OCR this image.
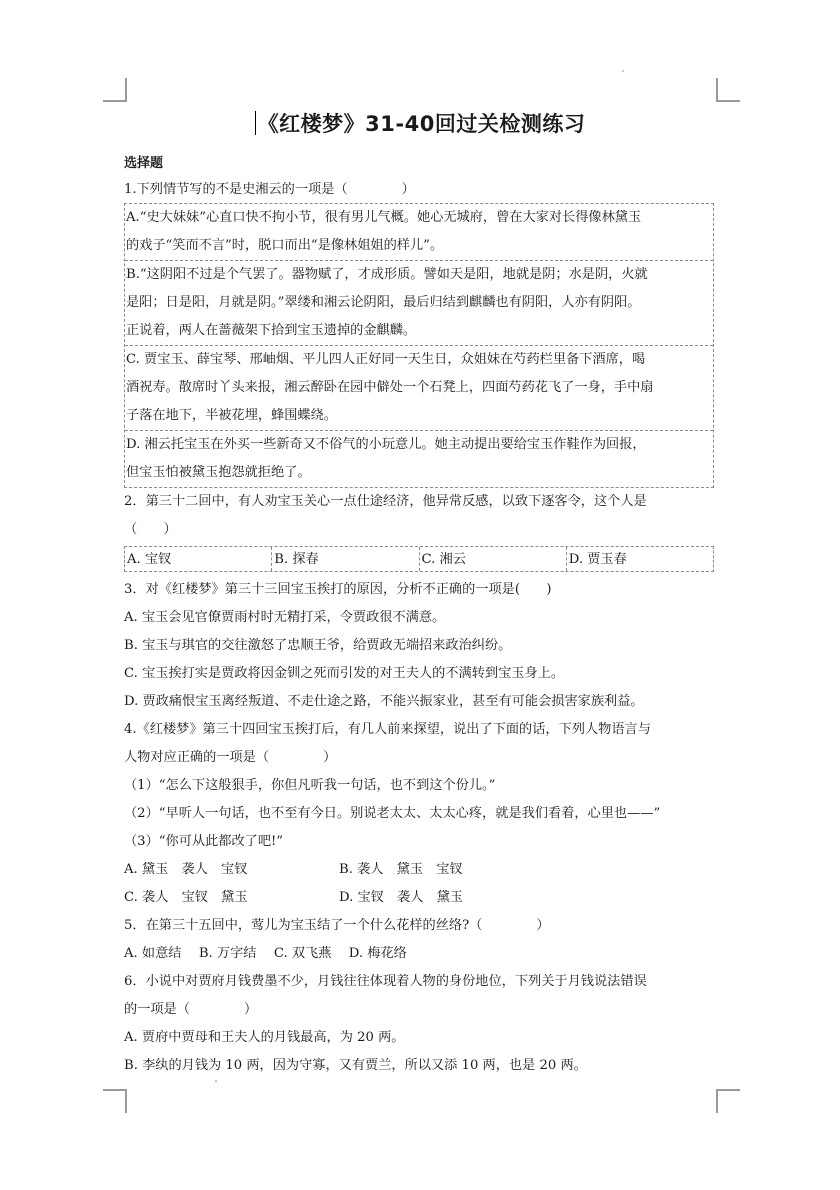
《红楼梦》31-40回过关检测练习
选择题
1.下列情节写的不是史湘云的一项是（	）
A.“史大妹妹”心直口快不拘小节，很有男儿气概。她心无城府，曾在大家对长得像林黛玉
的戏子“笑而不言”时，脱口而出“是像林姐姐的样儿”。
B.“这阴阳不过是个气罢了。器物赋了，才成形质。譬如天是阳，地就是阴；水是阴，火就
是阳；日是阳，月就是阴。”翠缕和湘云论阴阳，最后归结到麒麟也有阴阳，人亦有阴阳。
正说着，两人在蔷薇架下拾到宝玉遗掉的金麒麟。
C. 贾宝玉、薛宝琴、邢岫烟、平儿四人正好同一天生日，众姐妹在芍药栏里备下酒席，喝
酒祝寿。散席时丫头来报，湘云醉卧在园中僻处一个石凳上，四面芍药花飞了一身，手中扇
子落在地下，半被花埋，蜂围蝶绕。
D. 湘云托宝玉在外买一些新奇又不俗气的小玩意儿。她主动提出要给宝玉作鞋作为回报，
但宝玉怕被黛玉抱怨就拒绝了。
2．第三十二回中，有人劝宝玉关心一点仕途经济，他异常反感，以致下逐客令，这个人是
（　　）
A. 宝钗	B. 探春	C. 湘云	D. 贾玉春
3．对《红楼梦》第三十三回宝玉挨打的原因，分析不正确的一项是(　　)
A. 宝玉会见官僚贾雨村时无精打采，令贾政很不满意。
B. 宝玉与琪官的交往激怒了忠顺王爷，给贾政无端招来政治纠纷。
C. 宝玉挨打实是贾政将因金钏之死而引发的对王夫人的不满转到宝玉身上。
D. 贾政痛恨宝玉离经叛道、不走仕途之路，不能兴振家业，甚至有可能会损害家族利益。
4.《红楼梦》第三十四回宝玉挨打后，有几人前来探望，说出了下面的话，下列人物语言与
人物对应正确的一项是（	）
（1）“怎么下这般狠手，你但凡听我一句话，也不到这个份儿。”
（2）“早听人一句话，也不至有今日。别说老太太、太太心疼，就是我们看着，心里也——”
（3）“你可从此都改了吧!”
A. 黛玉　袭人　宝钗	B. 袭人　黛玉　宝钗
C. 袭人　宝钗　黛玉	D. 宝钗　袭人　黛玉
5．在第三十五回中，莺儿为宝玉结了一个什么花样的丝络?（	）
A. 如意结　 B. 万字结　 C. 双飞燕　 D. 梅花络
6．小说中对贾府月钱费墨不少，月钱往往体现着人物的身份地位，下列关于月钱说法错误
的一项是（	）
A. 贾府中贾母和王夫人的月钱最高，为 20 两。
B. 李纨的月钱为 10 两，因为守寡，又有贾兰，所以又添 10 两，也是 20 两。
